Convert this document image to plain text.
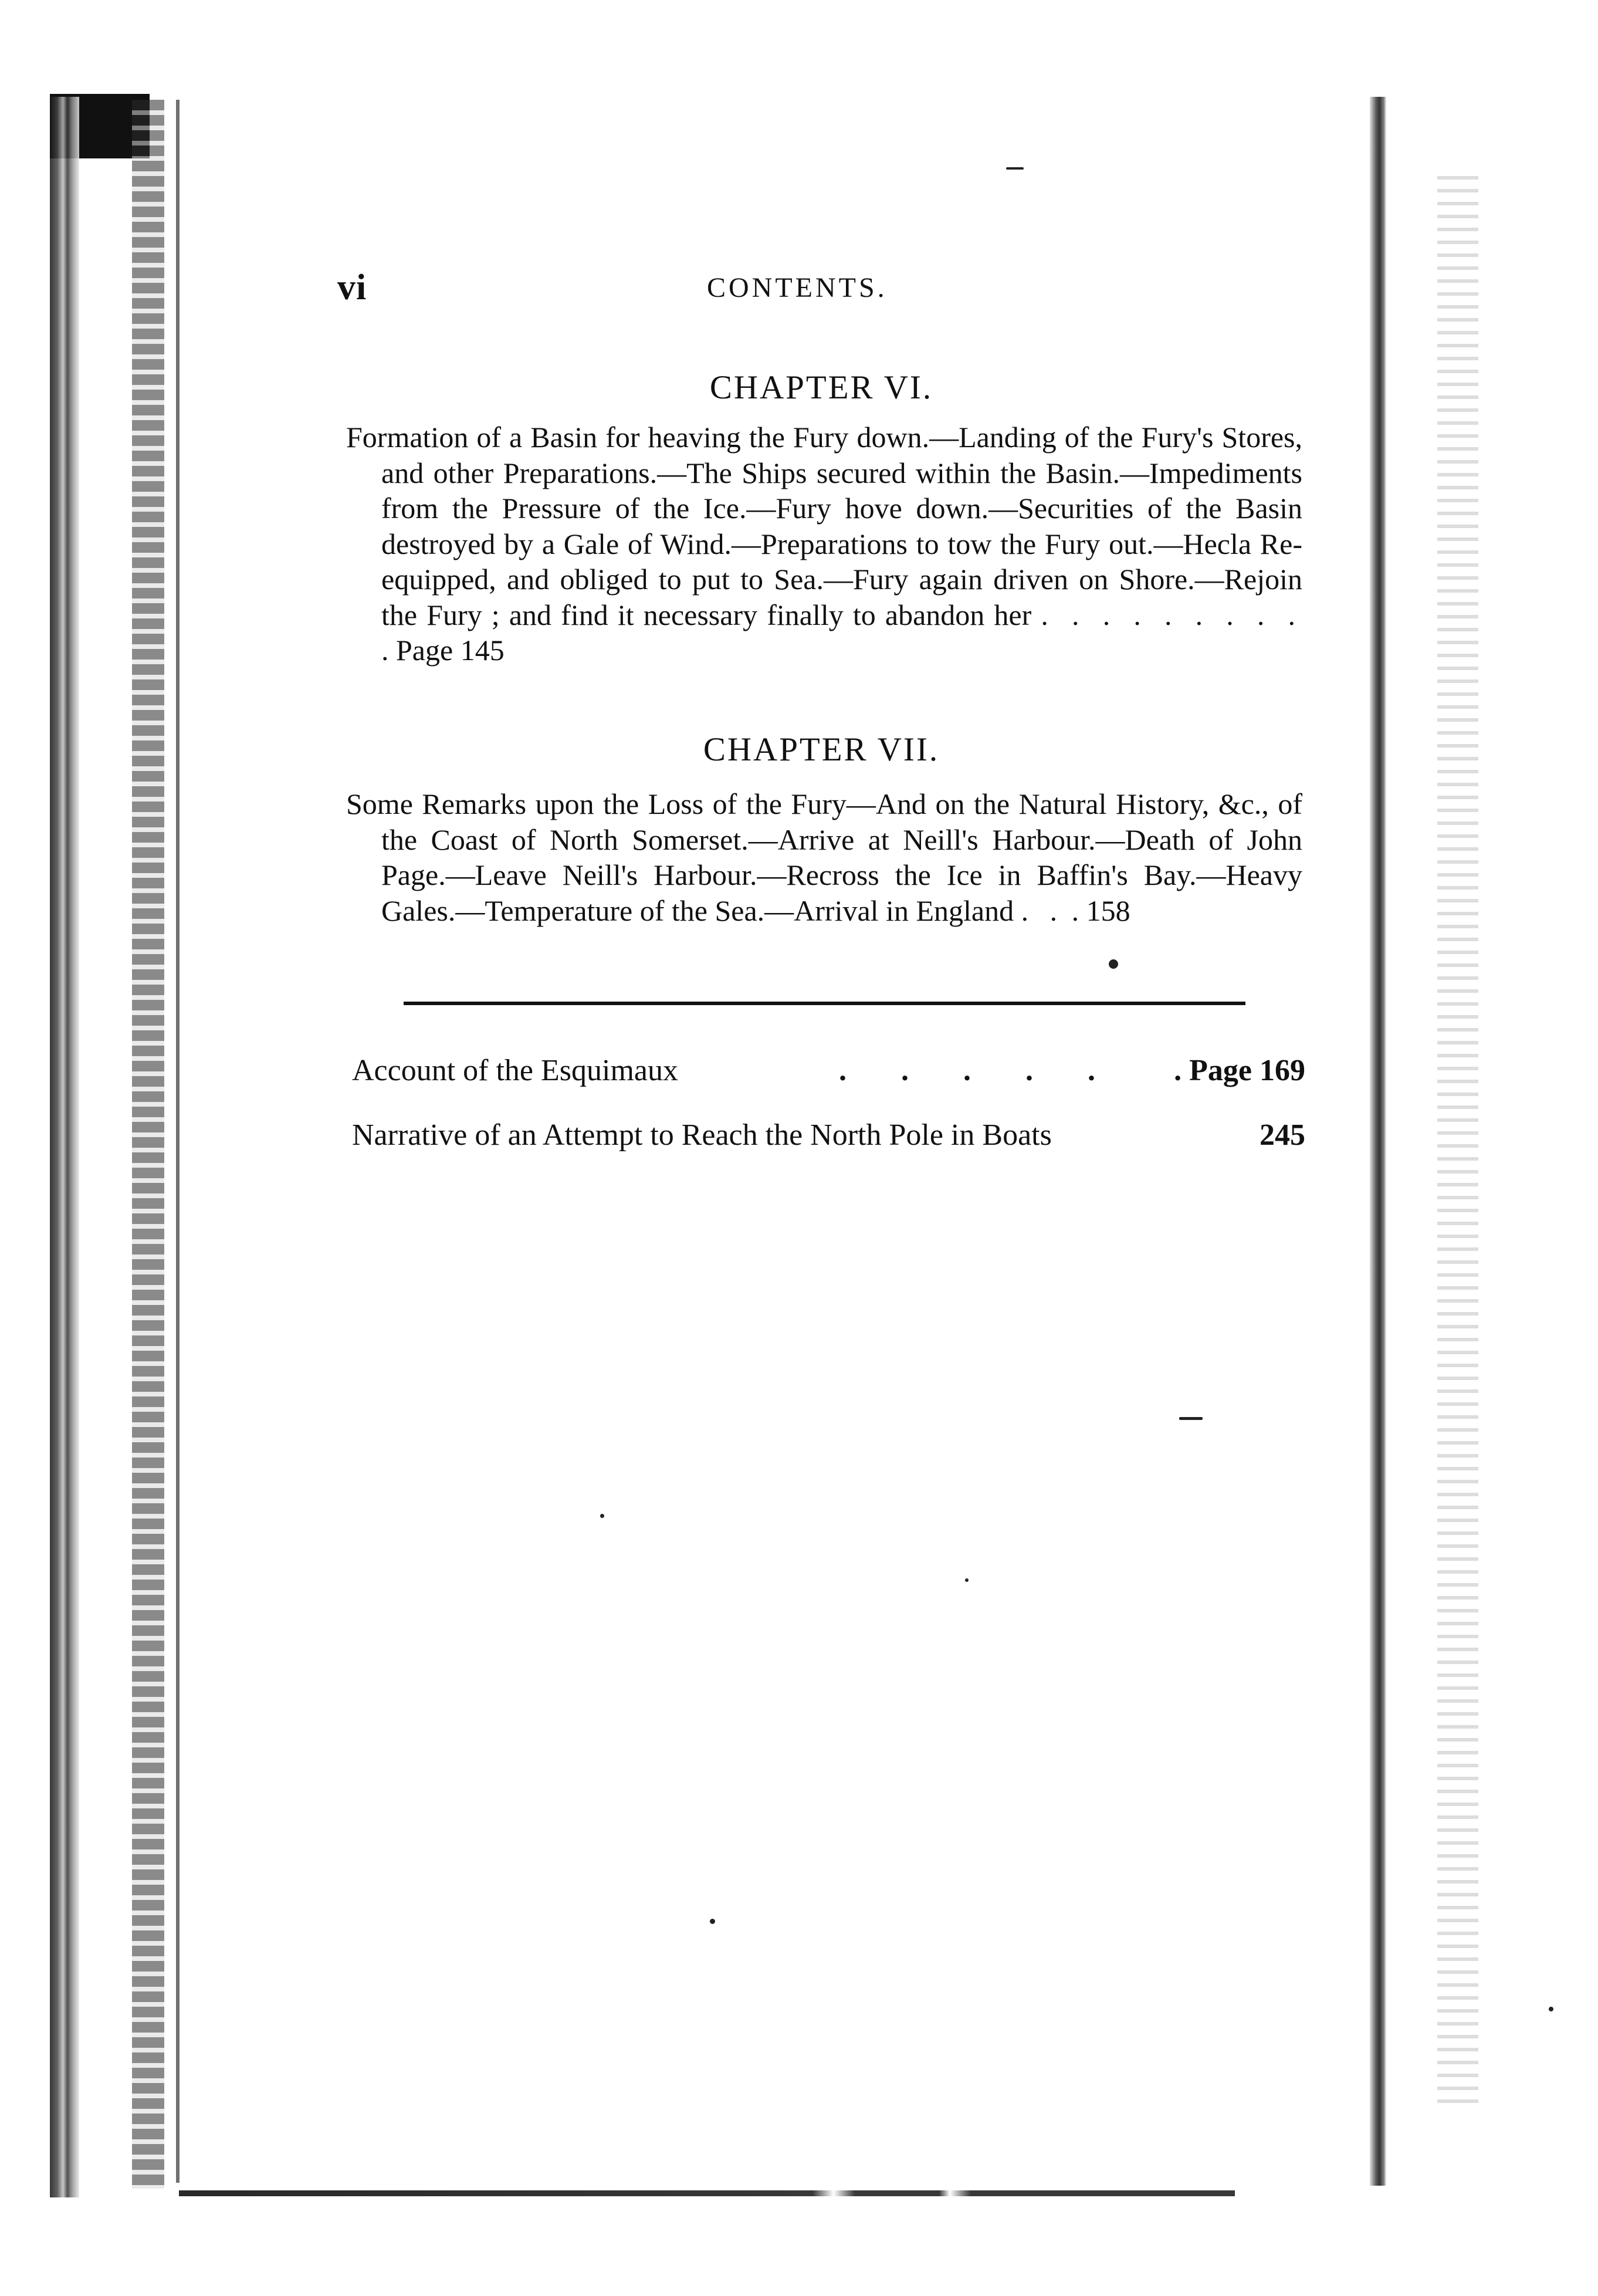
vi	CONTENTS.
CHAPTER VI.
Formation of a Basin for heaving the Fury down.—Landing of the Fury's Stores, and other Preparations.—The Ships secured within the Basin.—Impediments from the Pressure of the Ice.—Fury hove down.—Securities of the Basin destroyed by a Gale of Wind.—Preparations to tow the Fury out.—Hecla Re-equipped, and obliged to put to Sea.—Fury again driven on Shore.—Rejoin the Fury ; and find it necessary finally to abandon her . . . . . . . . . . Page 145
CHAPTER VII.
Some Remarks upon the Loss of the Fury—And on the Natural History, &c., of the Coast of North Somerset.—Arrive at Neill's Harbour.—Death of John Page.—Leave Neill's Harbour.—Recross the Ice in Baffin's Bay.—Heavy Gales.—Temperature of the Sea.—Arrival in England . . . 158
Account of the Esquimaux	. . . . . . Page 169
Narrative of an Attempt to Reach the North Pole in Boats	245
